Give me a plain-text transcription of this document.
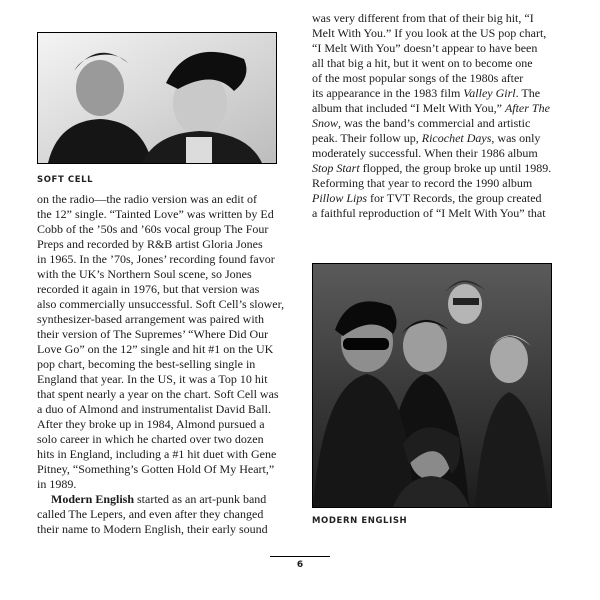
SOFT CELL
on the radio—the radio version was an edit of
the 12” single. “Tainted Love” was written by Ed
Cobb of the ’50s and ’60s vocal group The Four
Preps and recorded by R&B artist Gloria Jones
in 1965. In the ’70s, Jones’ recording found favor
with the UK’s Northern Soul scene, so Jones
recorded it again in 1976, but that version was
also commercially unsuccessful. Soft Cell’s slower,
synthesizer-based arrangement was paired with
their version of The Supremes’ “Where Did Our
Love Go” on the 12” single and hit #1 on the UK
pop chart, becoming the best-selling single in
England that year. In the US, it was a Top 10 hit
that spent nearly a year on the chart. Soft Cell was
a duo of Almond and instrumentalist David Ball.
After they broke up in 1984, Almond pursued a
solo career in which he charted over two dozen
hits in England, including a #1 hit duet with Gene
Pitney, “Something’s Gotten Hold Of My Heart,”
in 1989.
Modern English started as an art-punk band
called The Lepers, and even after they changed
their name to Modern English, their early sound
was very different from that of their big hit, “I
Melt With You.” If you look at the US pop chart,
“I Melt With You” doesn’t appear to have been
all that big a hit, but it went on to become one
of the most popular songs of the 1980s after
its appearance in the 1983 film Valley Girl. The
album that included “I Melt With You,” After The
Snow, was the band’s commercial and artistic
peak. Their follow up, Ricochet Days, was only
moderately successful. When their 1986 album
Stop Start flopped, the group broke up until 1989.
Reforming that year to record the 1990 album
Pillow Lips for TVT Records, the group created
a faithful reproduction of “I Melt With You” that
MODERN ENGLISH
6
